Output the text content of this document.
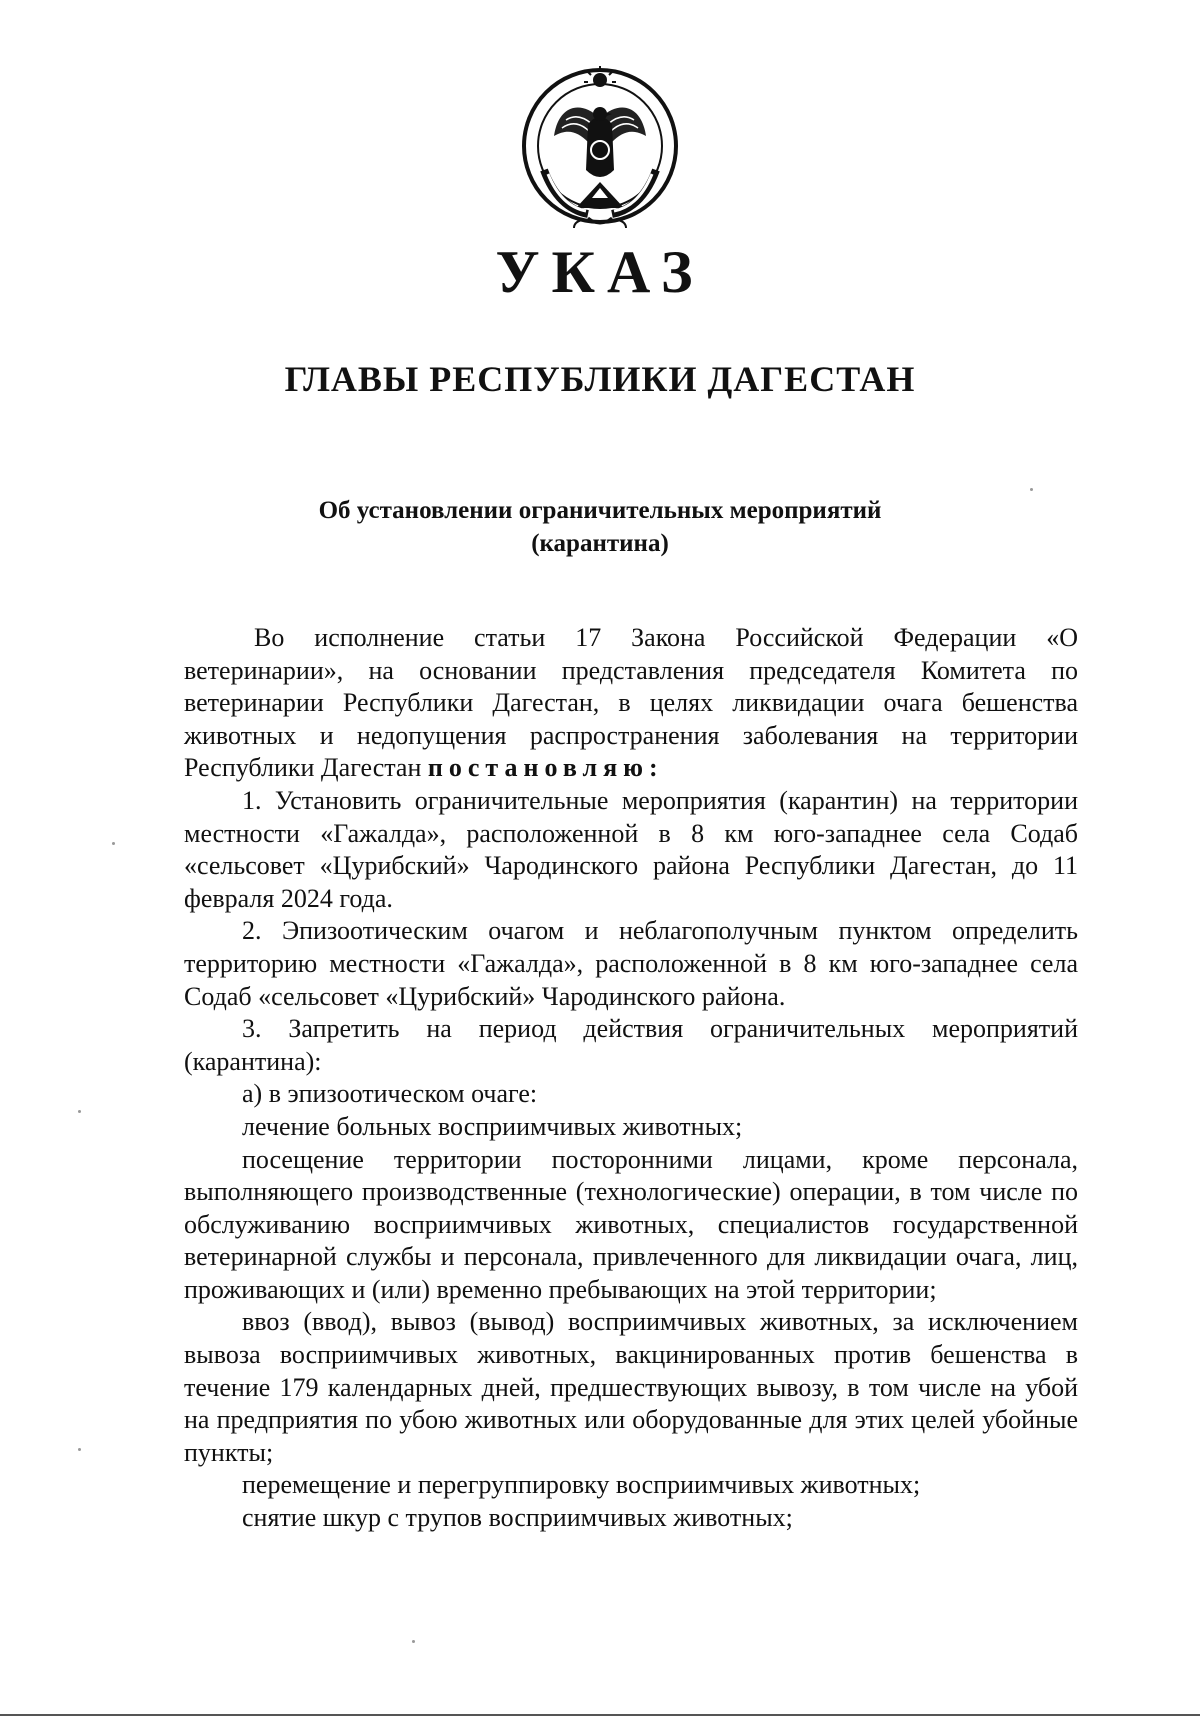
УКАЗ
ГЛАВЫ РЕСПУБЛИКИ ДАГЕСТАН
Об установлении ограничительных мероприятий
(карантина)

Во исполнение статьи 17 Закона Российской Федерации «О ветеринарии», на основании представления председателя Комитета по ветеринарии Республики Дагестан, в целях ликвидации очага бешенства животных и недопущения распространения заболевания на территории Республики Дагестан постановляю:

1. Установить ограничительные мероприятия (карантин) на территории местности «Гажалда», расположенной в 8 км юго-западнее села Содаб «сельсовет «Цурибский» Чародинского района Республики Дагестан, до 11 февраля 2024 года.

2. Эпизоотическим очагом и неблагополучным пунктом определить территорию местности «Гажалда», расположенной в 8 км юго-западнее села Содаб «сельсовет «Цурибский» Чародинского района.

3. Запретить на период действия ограничительных мероприятий (карантина):

а) в эпизоотическом очаге:

лечение больных восприимчивых животных;

посещение территории посторонними лицами, кроме персонала, выполняющего производственные (технологические) операции, в том числе по обслуживанию восприимчивых животных, специалистов государственной ветеринарной службы и персонала, привлеченного для ликвидации очага, лиц, проживающих и (или) временно пребывающих на этой территории;

ввоз (ввод), вывоз (вывод) восприимчивых животных, за исключением вывоза восприимчивых животных, вакцинированных против бешенства в течение 179 календарных дней, предшествующих вывозу, в том числе на убой на предприятия по убою животных или оборудованные для этих целей убойные пункты;

перемещение и перегруппировку восприимчивых животных;

снятие шкур с трупов восприимчивых животных;
